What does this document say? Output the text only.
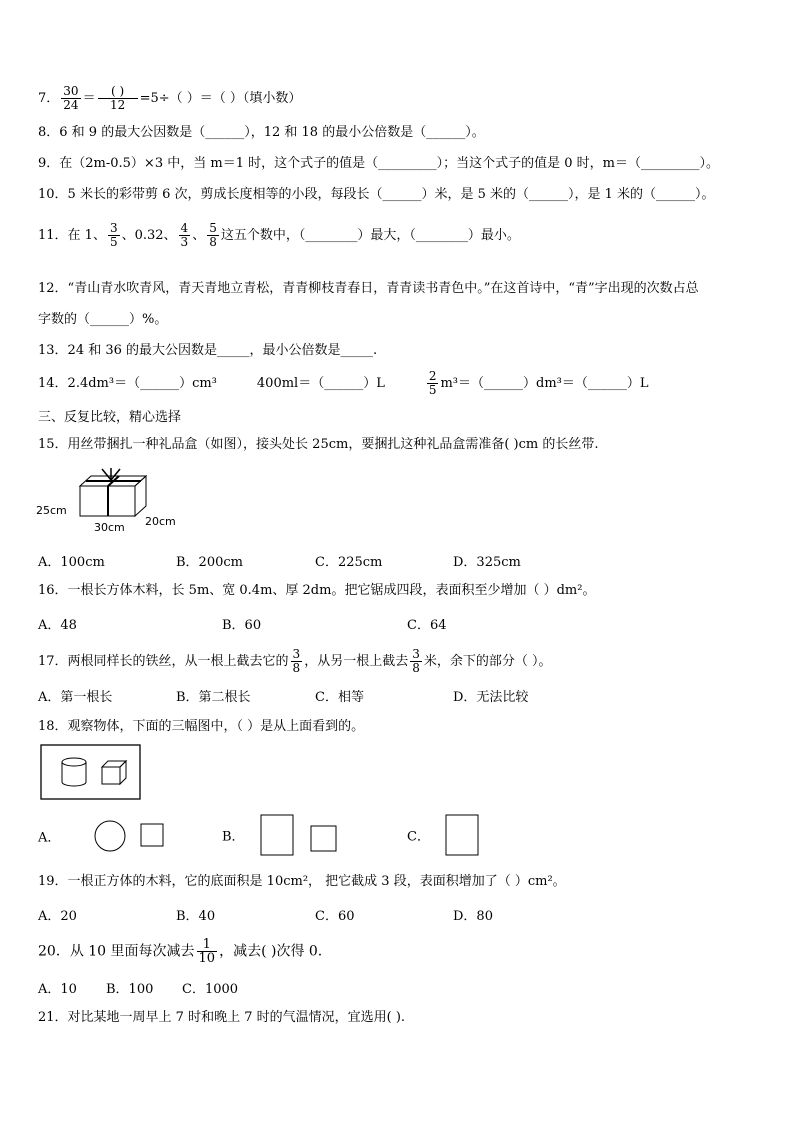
7． $\frac{30}{24} = \frac{( )}{12} =5\div$（ ）＝（ ）（填小数）
8．6 和 9 的最大公因数是（______），12 和 18 的最小公倍数是（______）。
9．在（2m-0.5）×3 中，当 m＝1 时，这个式子的值是（_________）；当这个式子的值是 0 时，m＝（_________）。
10．5 米长的彩带剪 6 次，剪成长度相等的小段，每段长（______）米，是 5 米的（______），是 1 米的（______）。
11．在 1、 $\frac{3}{5}$ 、0.32、 $\frac{4}{3}$ 、 $\frac{5}{8}$ 这五个数中，（________）最大，（________）最小。
12．“青山青水吹青风，青天青地立青松，青青柳枝青春日，青青读书青色中。”在这首诗中，“青”字出现的次数占总
字数的（______）%。
13．24 和 36 的最大公因数是_____，最小公倍数是_____.
14．2.4dm³＝（______）cm³	400ml＝（______）L	$\frac{2}{5}$ m³＝（______）dm³＝（______）L
三、反复比较，精心选择
15．用丝带捆扎一种礼品盒（如图），接头处长 25cm，要捆扎这种礼品盒需准备( )cm 的长丝带.
25cm
30cm 20cm
A．100cm	B．200cm	C．225cm	D．325cm
16．一根长方体木料，长 5m、宽 0.4m、厚 2dm。把它锯成四段，表面积至少增加（ ）dm²。
A．48	B．60	C．64
17．两根同样长的铁丝，从一根上截去它的 $\frac{3}{8}$ ，从另一根上截去 $\frac{3}{8}$ 米，余下的部分（ ）。
A．第一根长	B．第二根长	C．相等	D．无法比较
18．观察物体，下面的三幅图中，（ ）是从上面看到的。
A．	B．	C．
19．一根正方体的木料，它的底面积是 10cm²， 把它截成 3 段，表面积增加了（ ）cm²。
A．20	B．40	C．60	D．80
20．从 10 里面每次减去 $\frac{1}{10}$ ，减去( )次得 0.
A．10 B．100 C．1000
21．对比某地一周早上 7 时和晚上 7 时的气温情况，宜选用( ).
